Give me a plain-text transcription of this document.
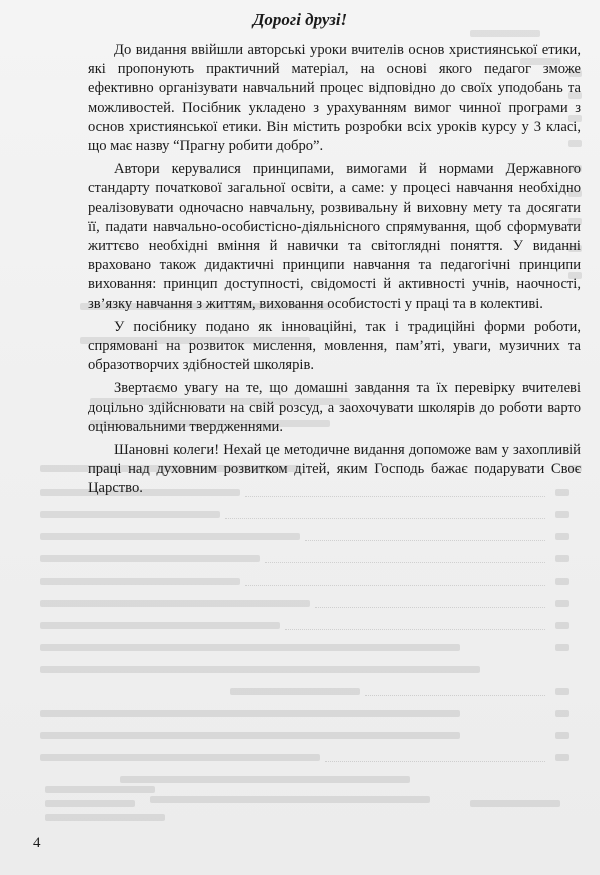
Дорогі друзі!

До видання ввійшли авторські уроки вчителів основ християнської етики, які пропонують практичний матеріал, на основі якого педагог зможе ефективно організувати навчальний процес відповідно до своїх уподобань та можливостей. Посібник укладено з урахуванням вимог чинної програми з основ християнської етики. Він містить розробки всіх уроків курсу у 3 класі, що має назву “Прагну робити добро”.

Автори керувалися принципами, вимогами й нормами Державного стандарту початкової загальної освіти, а саме: у процесі навчання необхідно реалізовувати одночасно навчальну, розвивальну й виховну мету та досягати її, падати навчально-особистісно-діяльнісного спрямування, щоб сформувати життєво необхідні вміння й навички та світоглядні поняття. У виданні враховано також дидактичні принципи навчання та педагогічні принципи виховання: принцип доступності, свідомості й активності учнів, наочності, зв’язку навчання з життям, виховання особистості у праці та в колективі.

У посібнику подано як інноваційні, так і традиційні форми роботи, спрямовані на розвиток мислення, мовлення, пам’яті, уваги, музичних та образотворчих здібностей школярів.

Звертаємо увагу на те, що домашні завдання та їх перевірку вчителеві доцільно здійснювати на свій розсуд, а заохочувати школярів до роботи варто оцінювальними твердженнями.

Шановні колеги! Нехай це методичне видання допоможе вам у захопливій праці над духовним розвитком дітей, яким Господь бажає подарувати Своє Царство.

4
